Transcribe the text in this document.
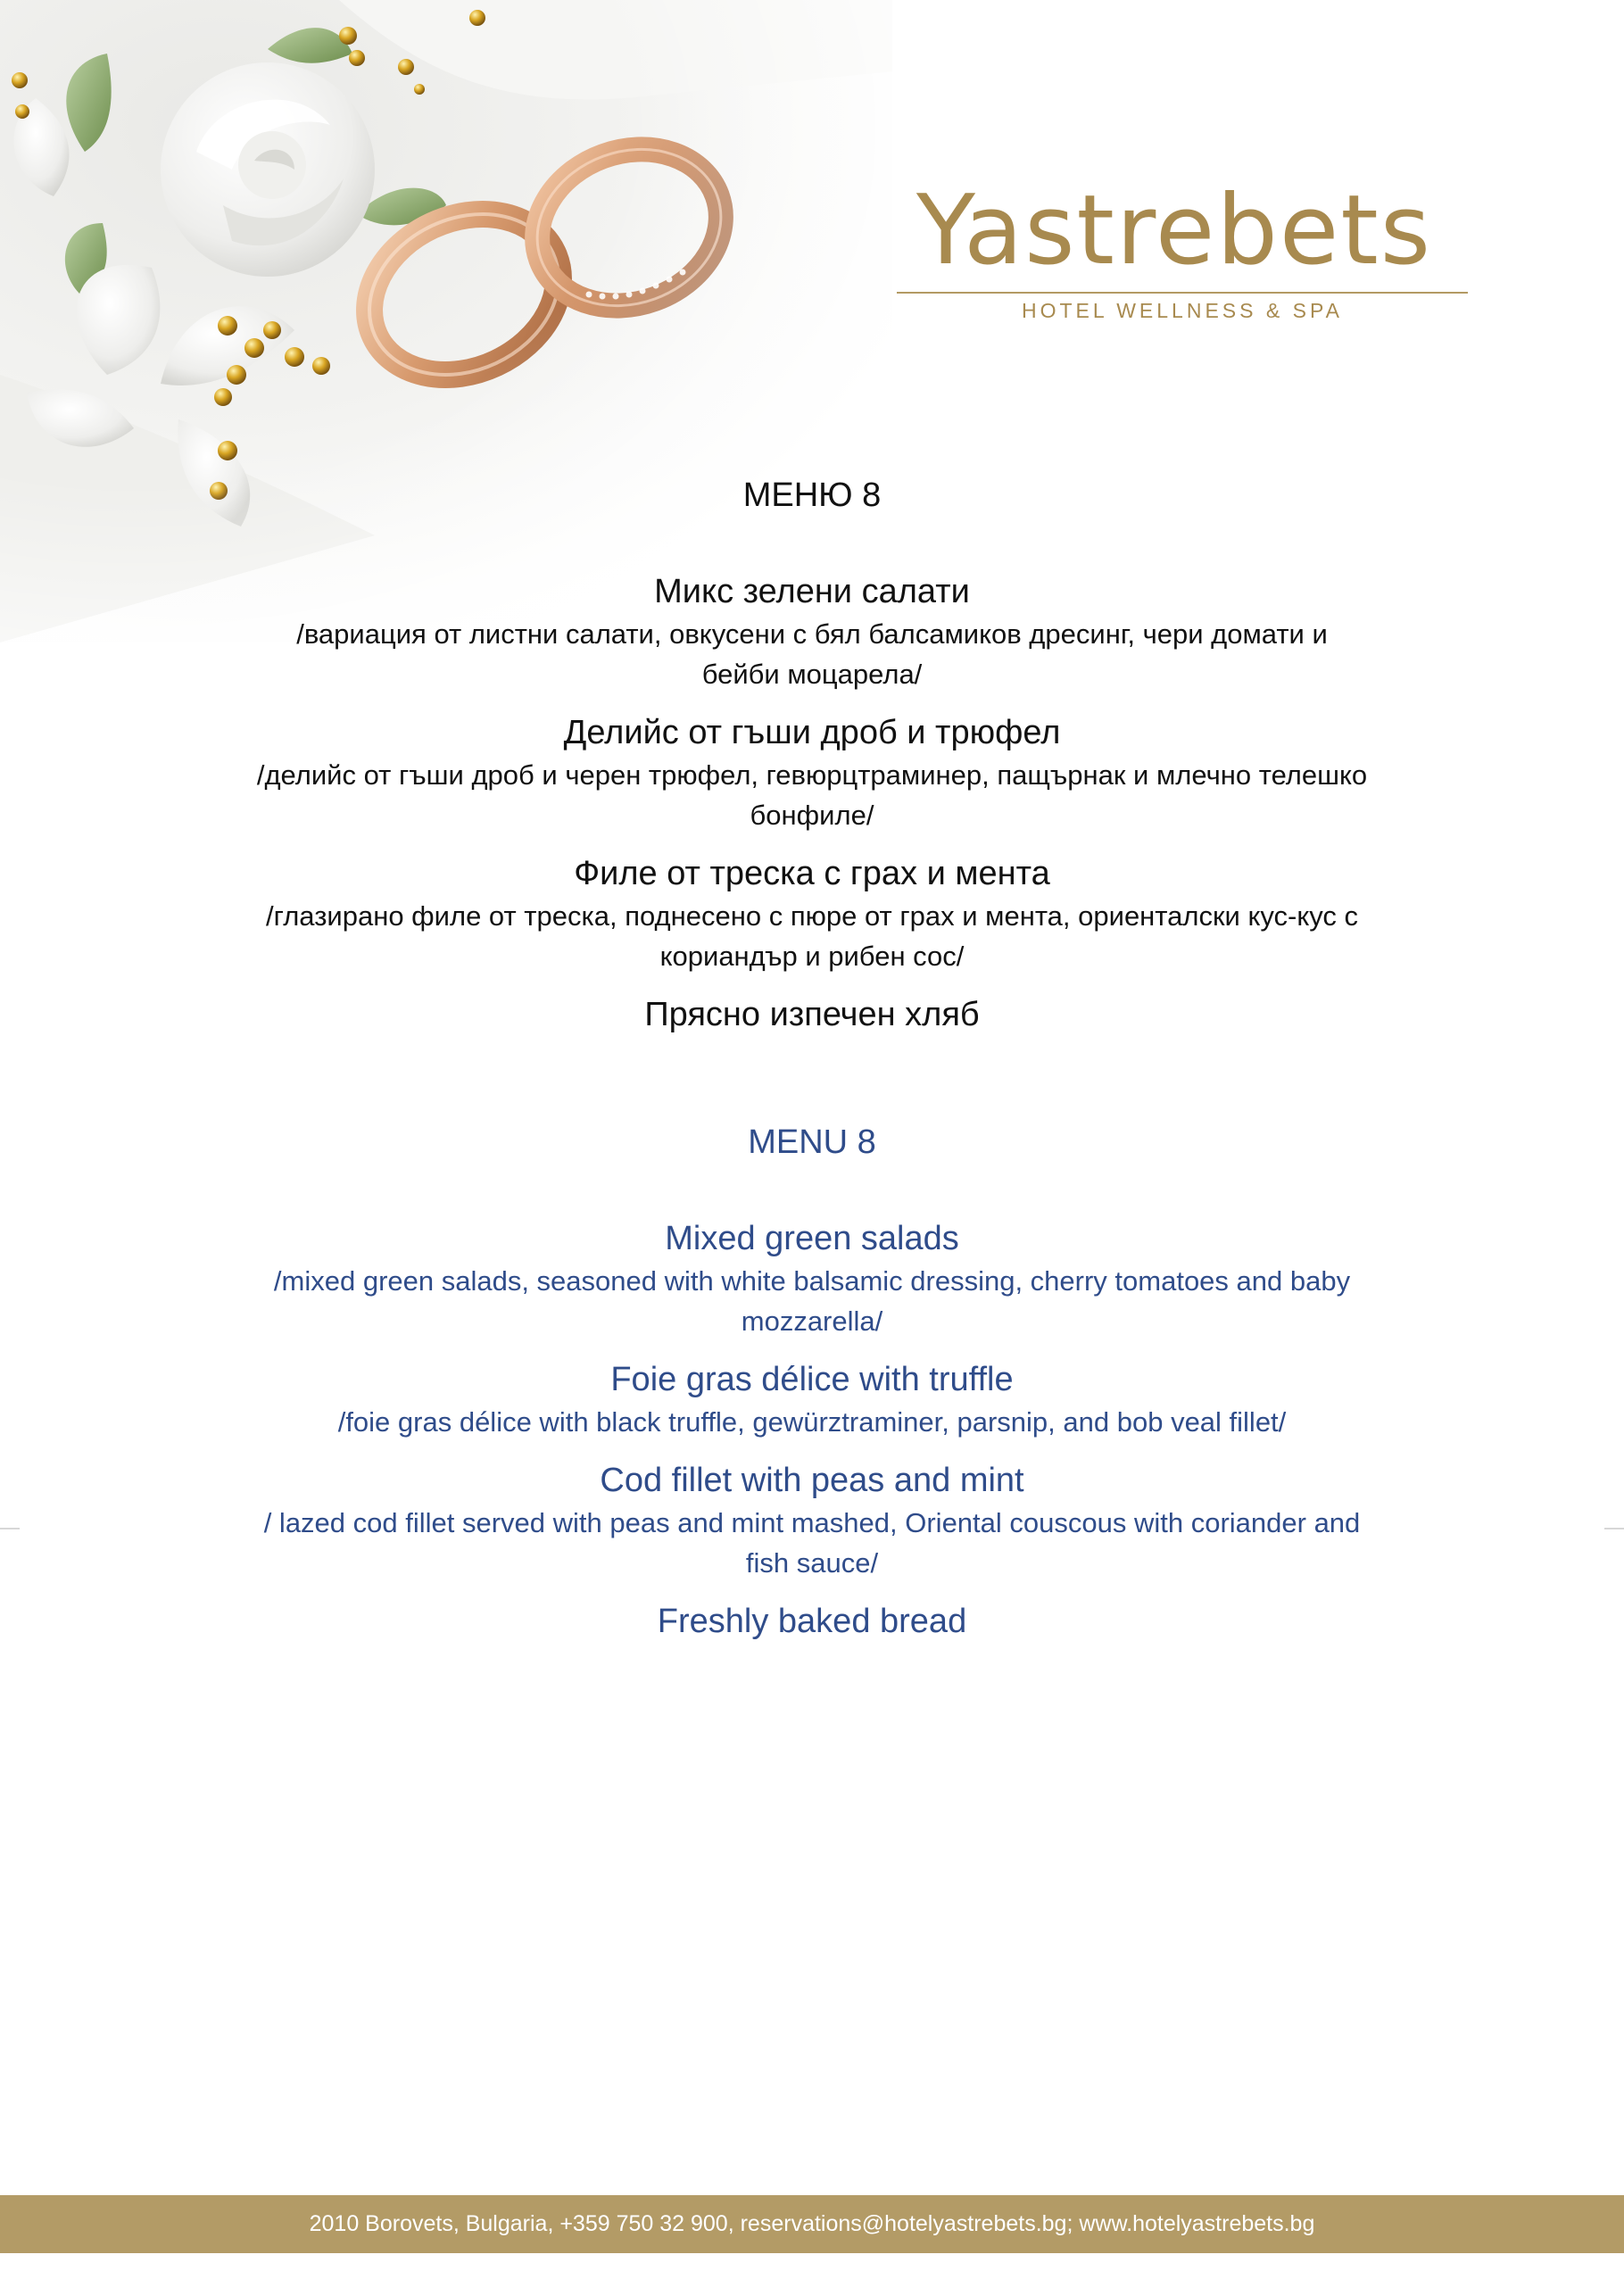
Yastrebets
HOTEL WELLNESS & SPA
МЕНЮ 8
Микс зелени салати
/вариация от листни салати, овкусени с бял балсамиков дресинг, чери домати и бейби моцарела/
Делийс от гъши дроб и трюфел
/делийс от гъши дроб и черен трюфел, гевюрцтраминер, пащърнак и млечно телешко бонфиле/
Филе от треска с грах и мента
/глазирано филе от треска, поднесено с пюре от грах и мента, ориенталски кус-кус с кориандър и рибен сос/
Прясно изпечен хляб
MENU 8
Mixed green salads
/mixed green salads, seasoned with white balsamic dressing, cherry tomatoes and baby mozzarella/
Foie gras délice with truffle
/foie gras délice with black truffle, gewürztraminer, parsnip, and bob veal fillet/
Cod fillet with peas and mint
/ lazed cod fillet served with peas and mint mashed, Oriental couscous with coriander and fish sauce/
Freshly baked bread
2010 Borovets, Bulgaria, +359 750 32 900, reservations@hotelyastrebets.bg; www.hotelyastrebets.bg
